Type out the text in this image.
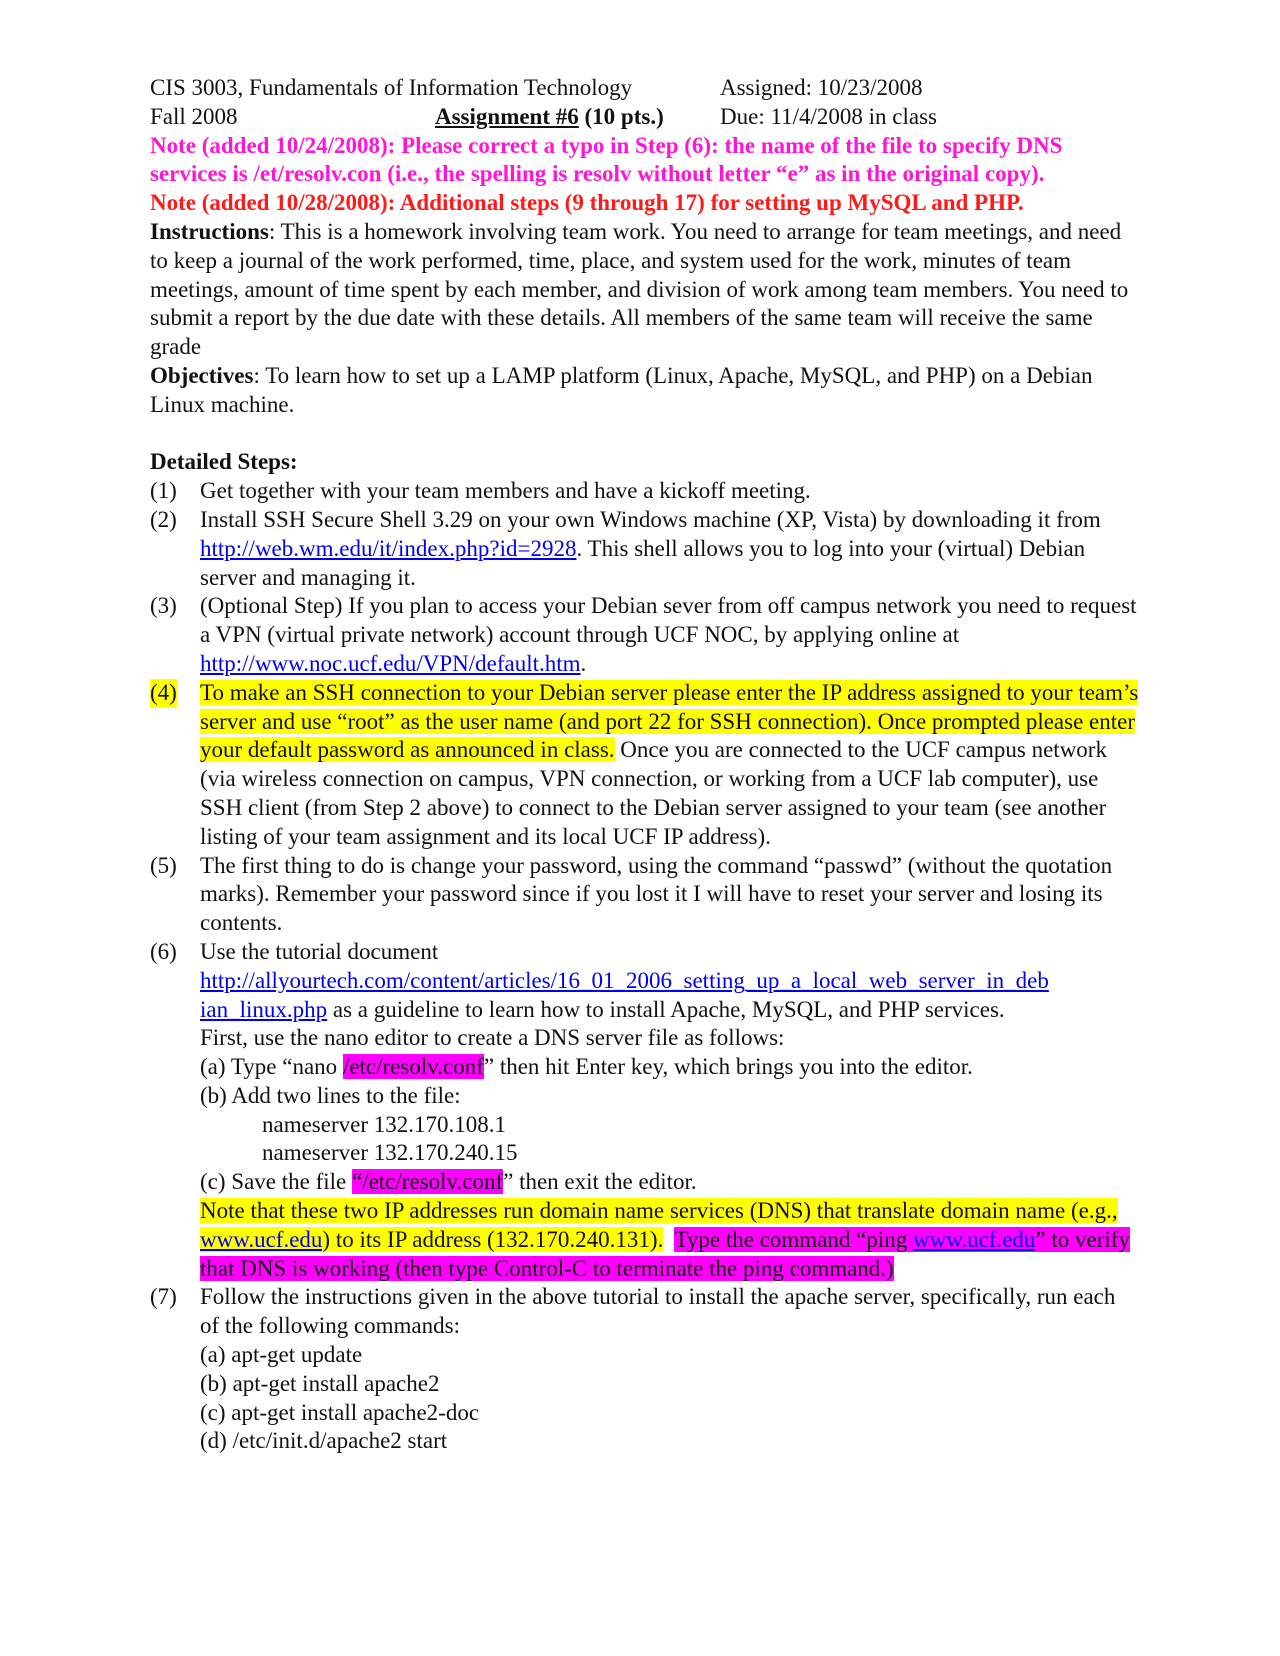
CIS 3003, Fundamentals of Information Technology	Assigned: 10/23/2008
Fall 2008	Assignment #6 (10 pts.) Due: 11/4/2008 in class

Note (added 10/24/2008): Please correct a typo in Step (6): the name of the file to specify DNS services is /et/resolv.con (i.e., the spelling is resolv without letter “e” as in the original copy).

Note (added 10/28/2008): Additional steps (9 through 17) for setting up MySQL and PHP.

Instructions: This is a homework involving team work. You need to arrange for team meetings, and need to keep a journal of the work performed, time, place, and system used for the work, minutes of team meetings, amount of time spent by each member, and division of work among team members. You need to submit a report by the due date with these details. All members of the same team will receive the same grade

Objectives: To learn how to set up a LAMP platform (Linux, Apache, MySQL, and PHP) on a Debian Linux machine.

Detailed Steps:

(1) Get together with your team members and have a kickoff meeting.
(2) Install SSH Secure Shell 3.29 on your own Windows machine (XP, Vista) by downloading it from http://web.wm.edu/it/index.php?id=2928. This shell allows you to log into your (virtual) Debian server and managing it.
(3) (Optional Step) If you plan to access your Debian sever from off campus network you need to request a VPN (virtual private network) account through UCF NOC, by applying online at http://www.noc.ucf.edu/VPN/default.htm.
(4) To make an SSH connection to your Debian server please enter the IP address assigned to your team’s server and use “root” as the user name (and port 22 for SSH connection). Once prompted please enter your default password as announced in class. Once you are connected to the UCF campus network (via wireless connection on campus, VPN connection, or working from a UCF lab computer), use SSH client (from Step 2 above) to connect to the Debian server assigned to your team (see another listing of your team assignment and its local UCF IP address).
(5) The first thing to do is change your password, using the command “passwd” (without the quotation marks). Remember your password since if you lost it I will have to reset your server and losing its contents.
(6) Use the tutorial document
http://allyourtech.com/content/articles/16_01_2006_setting_up_a_local_web_server_in_deb
ian_linux.php as a guideline to learn how to install Apache, MySQL, and PHP services.
First, use the nano editor to create a DNS server file as follows:
(a) Type “nano /etc/resolv.conf” then hit Enter key, which brings you into the editor.
(b) Add two lines to the file:
nameserver 132.170.108.1
nameserver 132.170.240.15
(c) Save the file “/etc/resolv.conf” then exit the editor.
Note that these two IP addresses run domain name services (DNS) that translate domain name (e.g., www.ucf.edu) to its IP address (132.170.240.131). Type the command “ping www.ucf.edu” to verify that DNS is working (then type Control-C to terminate the ping command.)
(7) Follow the instructions given in the above tutorial to install the apache server, specifically, run each of the following commands:
(a) apt-get update
(b) apt-get install apache2
(c) apt-get install apache2-doc
(d) /etc/init.d/apache2 start
